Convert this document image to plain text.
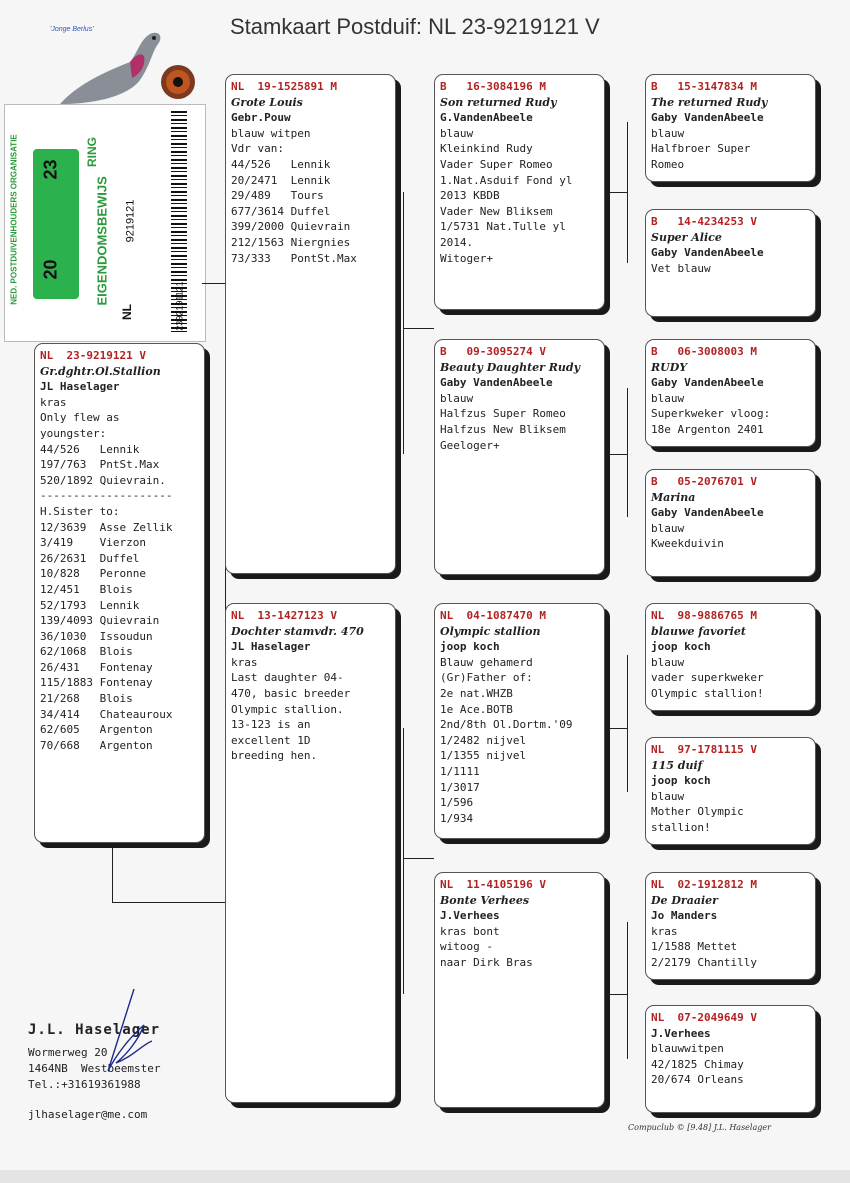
Stamkaart Postduif: NL 23-9219121 V
'Jonge Berlus'
NED. POSTDUIVENHOUDERS ORGANISATIE 20
23
EIGENDOMSBEWIJS
RING
NL
9219121
2392191121
NL  23-9219121 V
Gr.dghtr.Ol.Stallion
JL Haselager
kras
Only flew as
youngster:
44/526   Lennik
197/763  PntSt.Max
520/1892 Quievrain.
--------------------
H.Sister to:
12/3639  Asse Zellik
3/419    Vierzon
26/2631  Duffel
10/828   Peronne
12/451   Blois
52/1793  Lennik
139/4093 Quievrain
36/1030  Issoudun
62/1068  Blois
26/431   Fontenay
115/1883 Fontenay
21/268   Blois
34/414   Chateauroux
62/605   Argenton
70/668   Argenton
NL  19-1525891 M
Grote Louis
Gebr.Pouw
blauw witpen
Vdr van:
44/526   Lennik
20/2471  Lennik
29/489   Tours
677/3614 Duffel
399/2000 Quievrain
212/1563 Niergnies
73/333   PontSt.Max
NL  13-1427123 V
Dochter stamvdr. 470
JL Haselager
kras
Last daughter 04-
470, basic breeder
Olympic stallion.
13-123 is an
excellent 1D
breeding hen.
B   16-3084196 M
Son returned Rudy
G.VandenAbeele
blauw
Kleinkind Rudy
Vader Super Romeo
1.Nat.Asduif Fond yl
2013 KBDB
Vader New Bliksem
1/5731 Nat.Tulle yl
2014.
Witoger+
B   09-3095274 V
Beauty Daughter Rudy
Gaby VandenAbeele
blauw
Halfzus Super Romeo
Halfzus New Bliksem
Geeloger+
NL  04-1087470 M
Olympic stallion
joop koch
Blauw gehamerd
(Gr)Father of:
2e nat.WHZB
1e Ace.BOTB
2nd/8th Ol.Dortm.'09
1/2482 nijvel
1/1355 nijvel
1/1111
1/3017
1/596
1/934
NL  11-4105196 V
Bonte Verhees
J.Verhees
kras bont
witoog -
naar Dirk Bras
B   15-3147834 M
The returned Rudy
Gaby VandenAbeele
blauw
Halfbroer Super
Romeo
B   14-4234253 V
Super Alice
Gaby VandenAbeele
Vet blauw
B   06-3008003 M
RUDY
Gaby VandenAbeele
blauw
Superkweker vloog:
18e Argenton 2401
B   05-2076701 V
Marina
Gaby VandenAbeele
blauw
Kweekduivin
NL  98-9886765 M
blauwe favoriet
joop koch
blauw
vader superkweker
Olympic stallion!
NL  97-1781115 V
115 duif
joop koch
blauw
Mother Olympic
stallion!
NL  02-1912812 M
De Draaier
Jo Manders
kras
1/1588 Mettet
2/2179 Chantilly
NL  07-2049649 V
J.Verhees
blauwwitpen
42/1825 Chimay
20/674 Orleans
J.L. Haselager
Wormerweg 20
1464NB  Westbeemster
Tel.:+31619361988
jlhaselager@me.com
Compuclub © [9.48] J.L. Haselager
